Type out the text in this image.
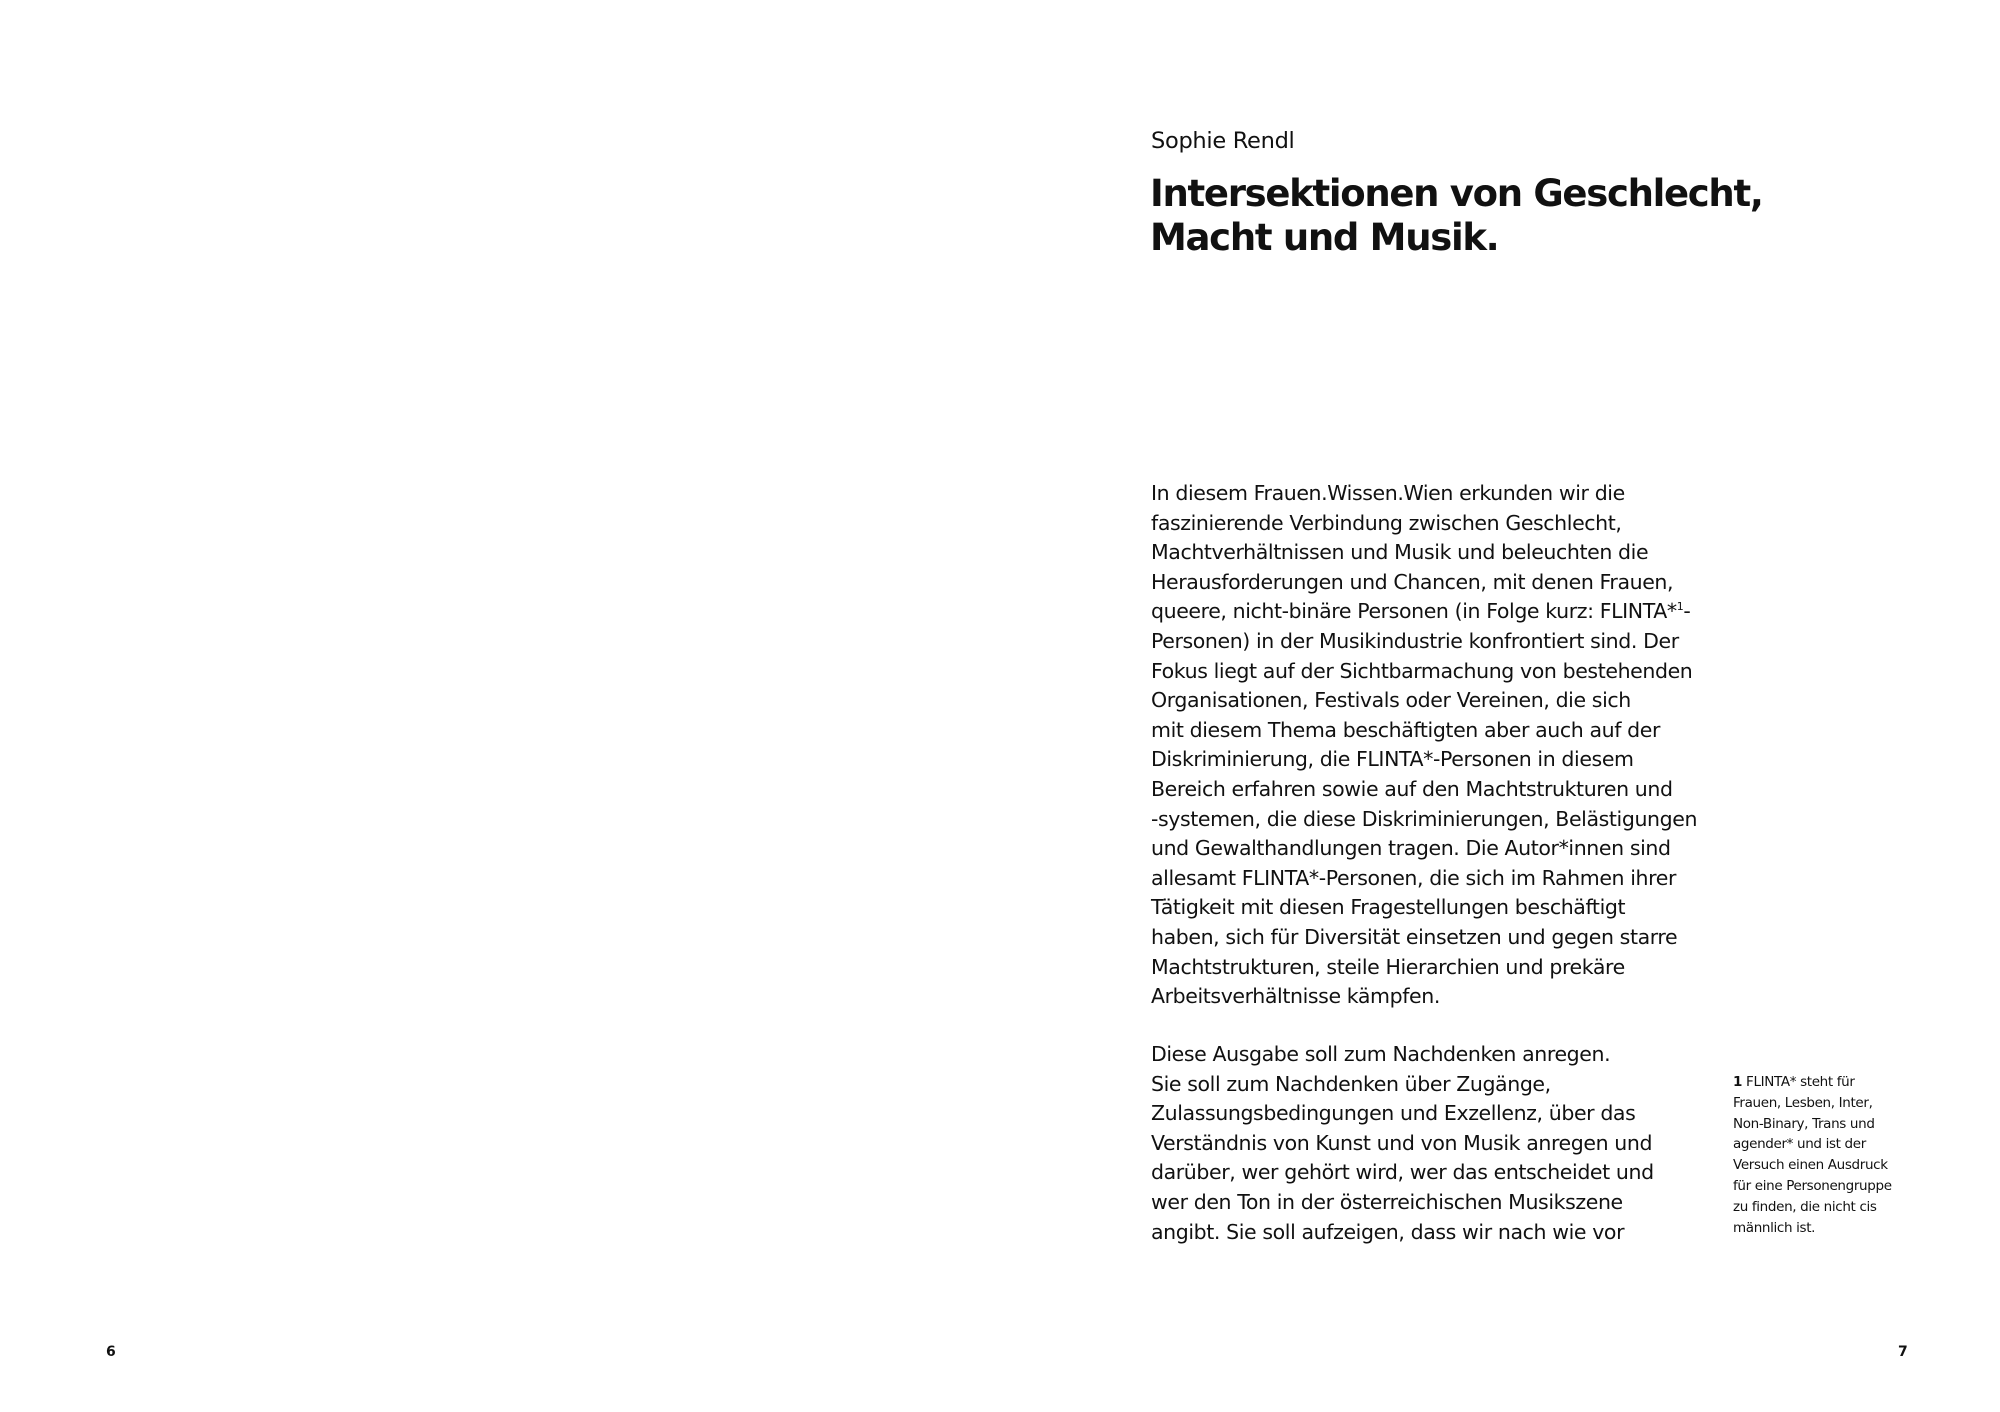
6
Sophie Rendl
Intersektionen von Geschlecht,
Macht und Musik.
In diesem Frauen.Wissen.Wien erkunden wir die
faszinierende Verbindung zwischen Geschlecht,
Machtverhältnissen und Musik und beleuchten die
Herausforderungen und Chancen, mit denen Frauen,
queere, nicht-binäre Personen (in Folge kurz: FLINTA*$^1$-
Personen) in der Musikindustrie konfrontiert sind. Der
Fokus liegt auf der Sichtbarmachung von bestehenden
Organisationen, Festivals oder Vereinen, die sich
mit diesem Thema beschäftigten aber auch auf der
Diskriminierung, die FLINTA*-Personen in diesem
Bereich erfahren sowie auf den Machtstrukturen und
-systemen, die diese Diskriminierungen, Belästigungen
und Gewalthandlungen tragen. Die Autor*innen sind
allesamt FLINTA*-Personen, die sich im Rahmen ihrer
Tätigkeit mit diesen Fragestellungen beschäftigt
haben, sich für Diversität einsetzen und gegen starre
Machtstrukturen, steile Hierarchien und prekäre
Arbeitsverhältnisse kämpfen.
Diese Ausgabe soll zum Nachdenken anregen.
Sie soll zum Nachdenken über Zugänge,
Zulassungsbedingungen und Exzellenz, über das
Verständnis von Kunst und von Musik anregen und
darüber, wer gehört wird, wer das entscheidet und
wer den Ton in der österreichischen Musikszene
angibt. Sie soll aufzeigen, dass wir nach wie vor
1 FLINTA* steht für
Frauen, Lesben, Inter,
Non-Binary, Trans und
agender* und ist der
Versuch einen Ausdruck
für eine Personengruppe
zu finden, die nicht cis
männlich ist.
7
